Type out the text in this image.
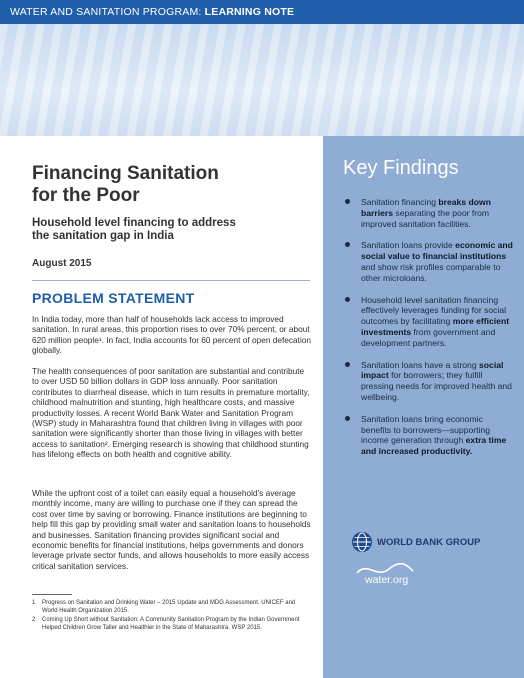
WATER AND SANITATION PROGRAM: LEARNING NOTE
Financing Sanitation
for the Poor
Household level financing to address
the sanitation gap in India
August 2015
PROBLEM STATEMENT

In India today, more than half of households lack access to improved sanitation. In rural areas, this proportion rises to over 70% percent, or about 620 million people¹. In fact, India accounts for 60 percent of open defecation globally.

The health consequences of poor sanitation are substantial and contribute to over USD 50 billion dollars in GDP loss annually. Poor sanitation contributes to diarrheal disease, which in turn results in premature mortality, childhood malnutrition and stunting, high healthcare costs, and massive productivity losses. A recent World Bank Water and Sanitation Program (WSP) study in Maharashtra found that children living in villages with poor sanitation were significantly shorter than those living in villages with better access to sanitation². Emerging research is showing that childhood stunting has lifelong effects on both health and cognitive ability.

While the upfront cost of a toilet can easily equal a household's average monthly income, many are willing to purchase one if they can spread the cost over time by saving or borrowing. Finance institutions are beginning to help fill this gap by providing small water and sanitation loans to households and businesses. Sanitation financing provides significant social and economic benefits for financial institutions, helps governments and donors leverage private sector funds, and allows households to more easily access critical sanitation services.

1 Progress on Sanitation and Drinking Water – 2015 Update and MDG Assessment. UNICEF and World Health Organization 2015.
2 Coming Up Short without Sanitation: A Community Sanitation Program by the Indian Government Helped Children Grow Taller and Healthier in the State of Maharashtra. WSP 2015.
Key Findings
Sanitation financing breaks down barriers separating the poor from improved sanitation facilities.
Sanitation loans provide economic and social value to financial institutions and show risk profiles comparable to other microloans.
Household level sanitation financing effectively leverages funding for social outcomes by facilitating more efficient investments from government and development partners.
Sanitation loans have a strong social impact for borrowers; they fulfill pressing needs for improved health and wellbeing.
Sanitation loans bring economic benefits to borrowers—supporting income generation through extra time and increased productivity.
WORLD BANK GROUP
water.org
